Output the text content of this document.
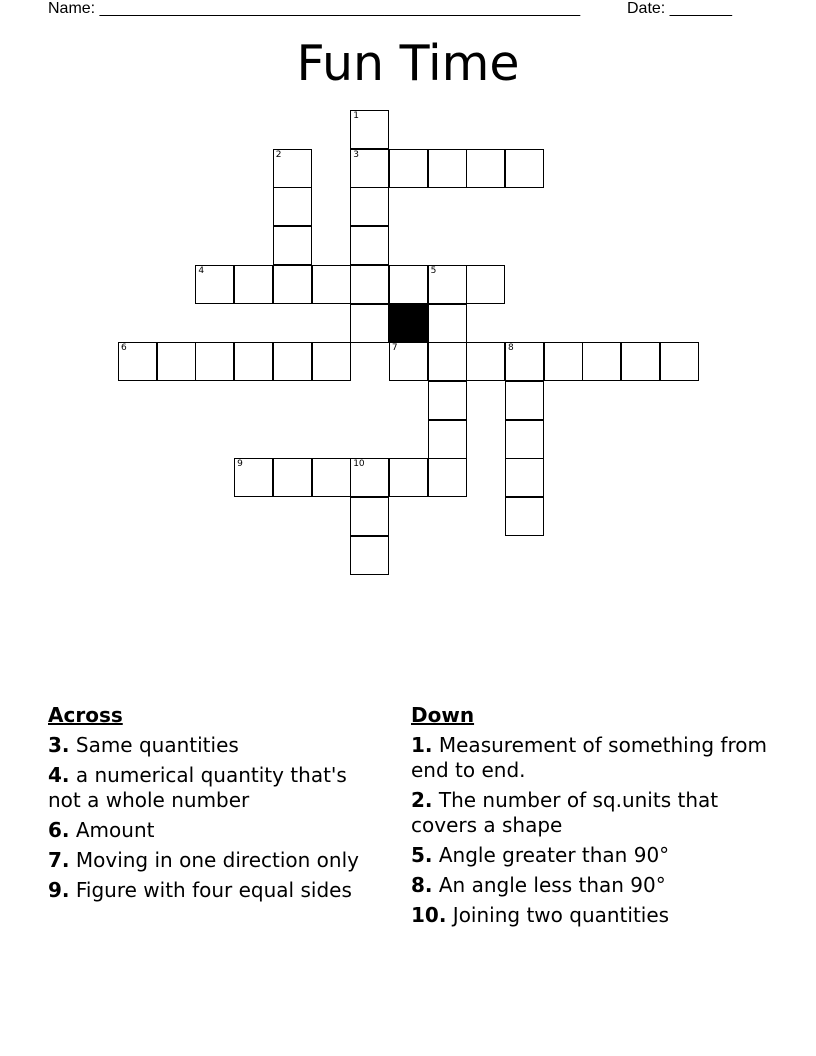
Name: ______________________________________________________	Date: _______
Fun Time
1
2	3
4	5
6	7	8
9	10
Across
3. Same quantities
4. a numerical quantity that's not a whole number
6. Amount
7. Moving in one direction only
9. Figure with four equal sides
Down
1. Measurement of something from end to end.
2. The number of sq.units that covers a shape
5. Angle greater than 90°
8. An angle less than 90°
10. Joining two quantities
